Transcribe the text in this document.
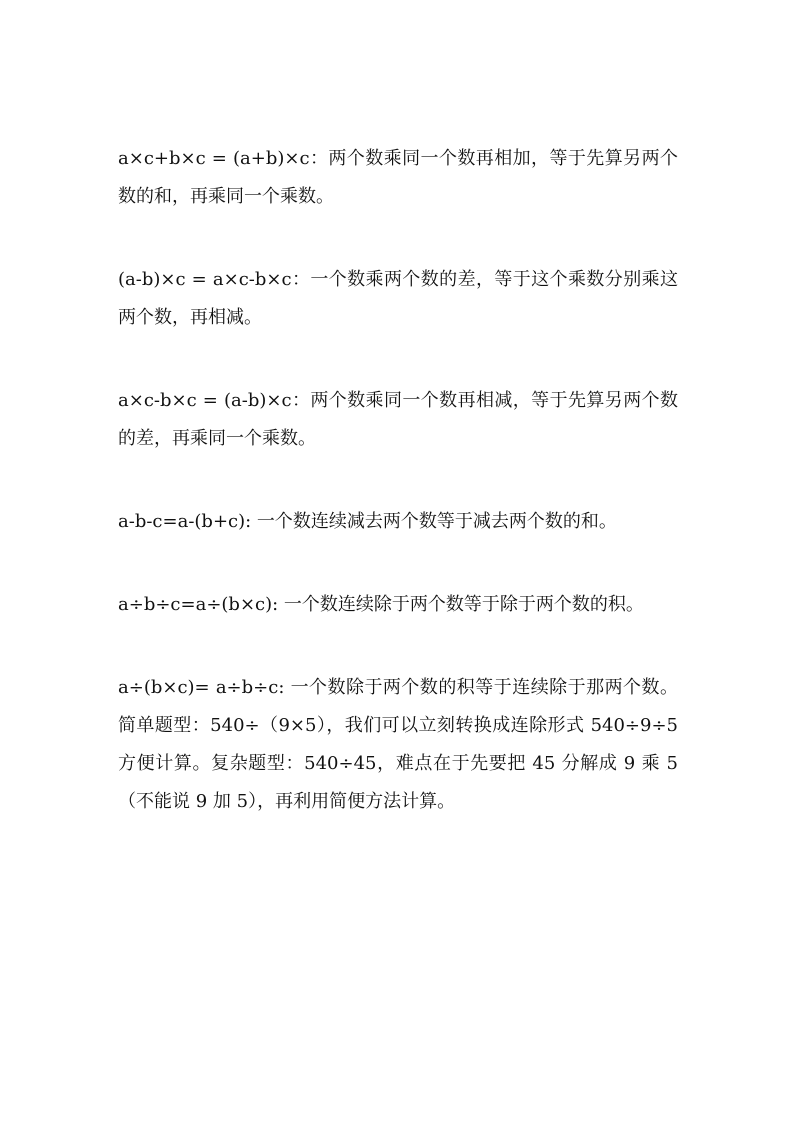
a×c+b×c = (a+b)×c：两个数乘同一个数再相加，等于先算另两个数的和，再乘同一个乘数。

(a-b)×c = a×c-b×c：一个数乘两个数的差，等于这个乘数分别乘这两个数，再相减。

a×c-b×c = (a-b)×c：两个数乘同一个数再相减，等于先算另两个数的差，再乘同一个乘数。

a-b-c=a-(b+c): 一个数连续减去两个数等于减去两个数的和。

a÷b÷c=a÷(b×c): 一个数连续除于两个数等于除于两个数的积。

a÷(b×c)= a÷b÷c: 一个数除于两个数的积等于连续除于那两个数。简单题型：540÷（9×5），我们可以立刻转换成连除形式 540÷9÷5 方便计算。复杂题型：540÷45，难点在于先要把 45 分解成 9 乘 5（不能说 9 加 5），再利用简便方法计算。
